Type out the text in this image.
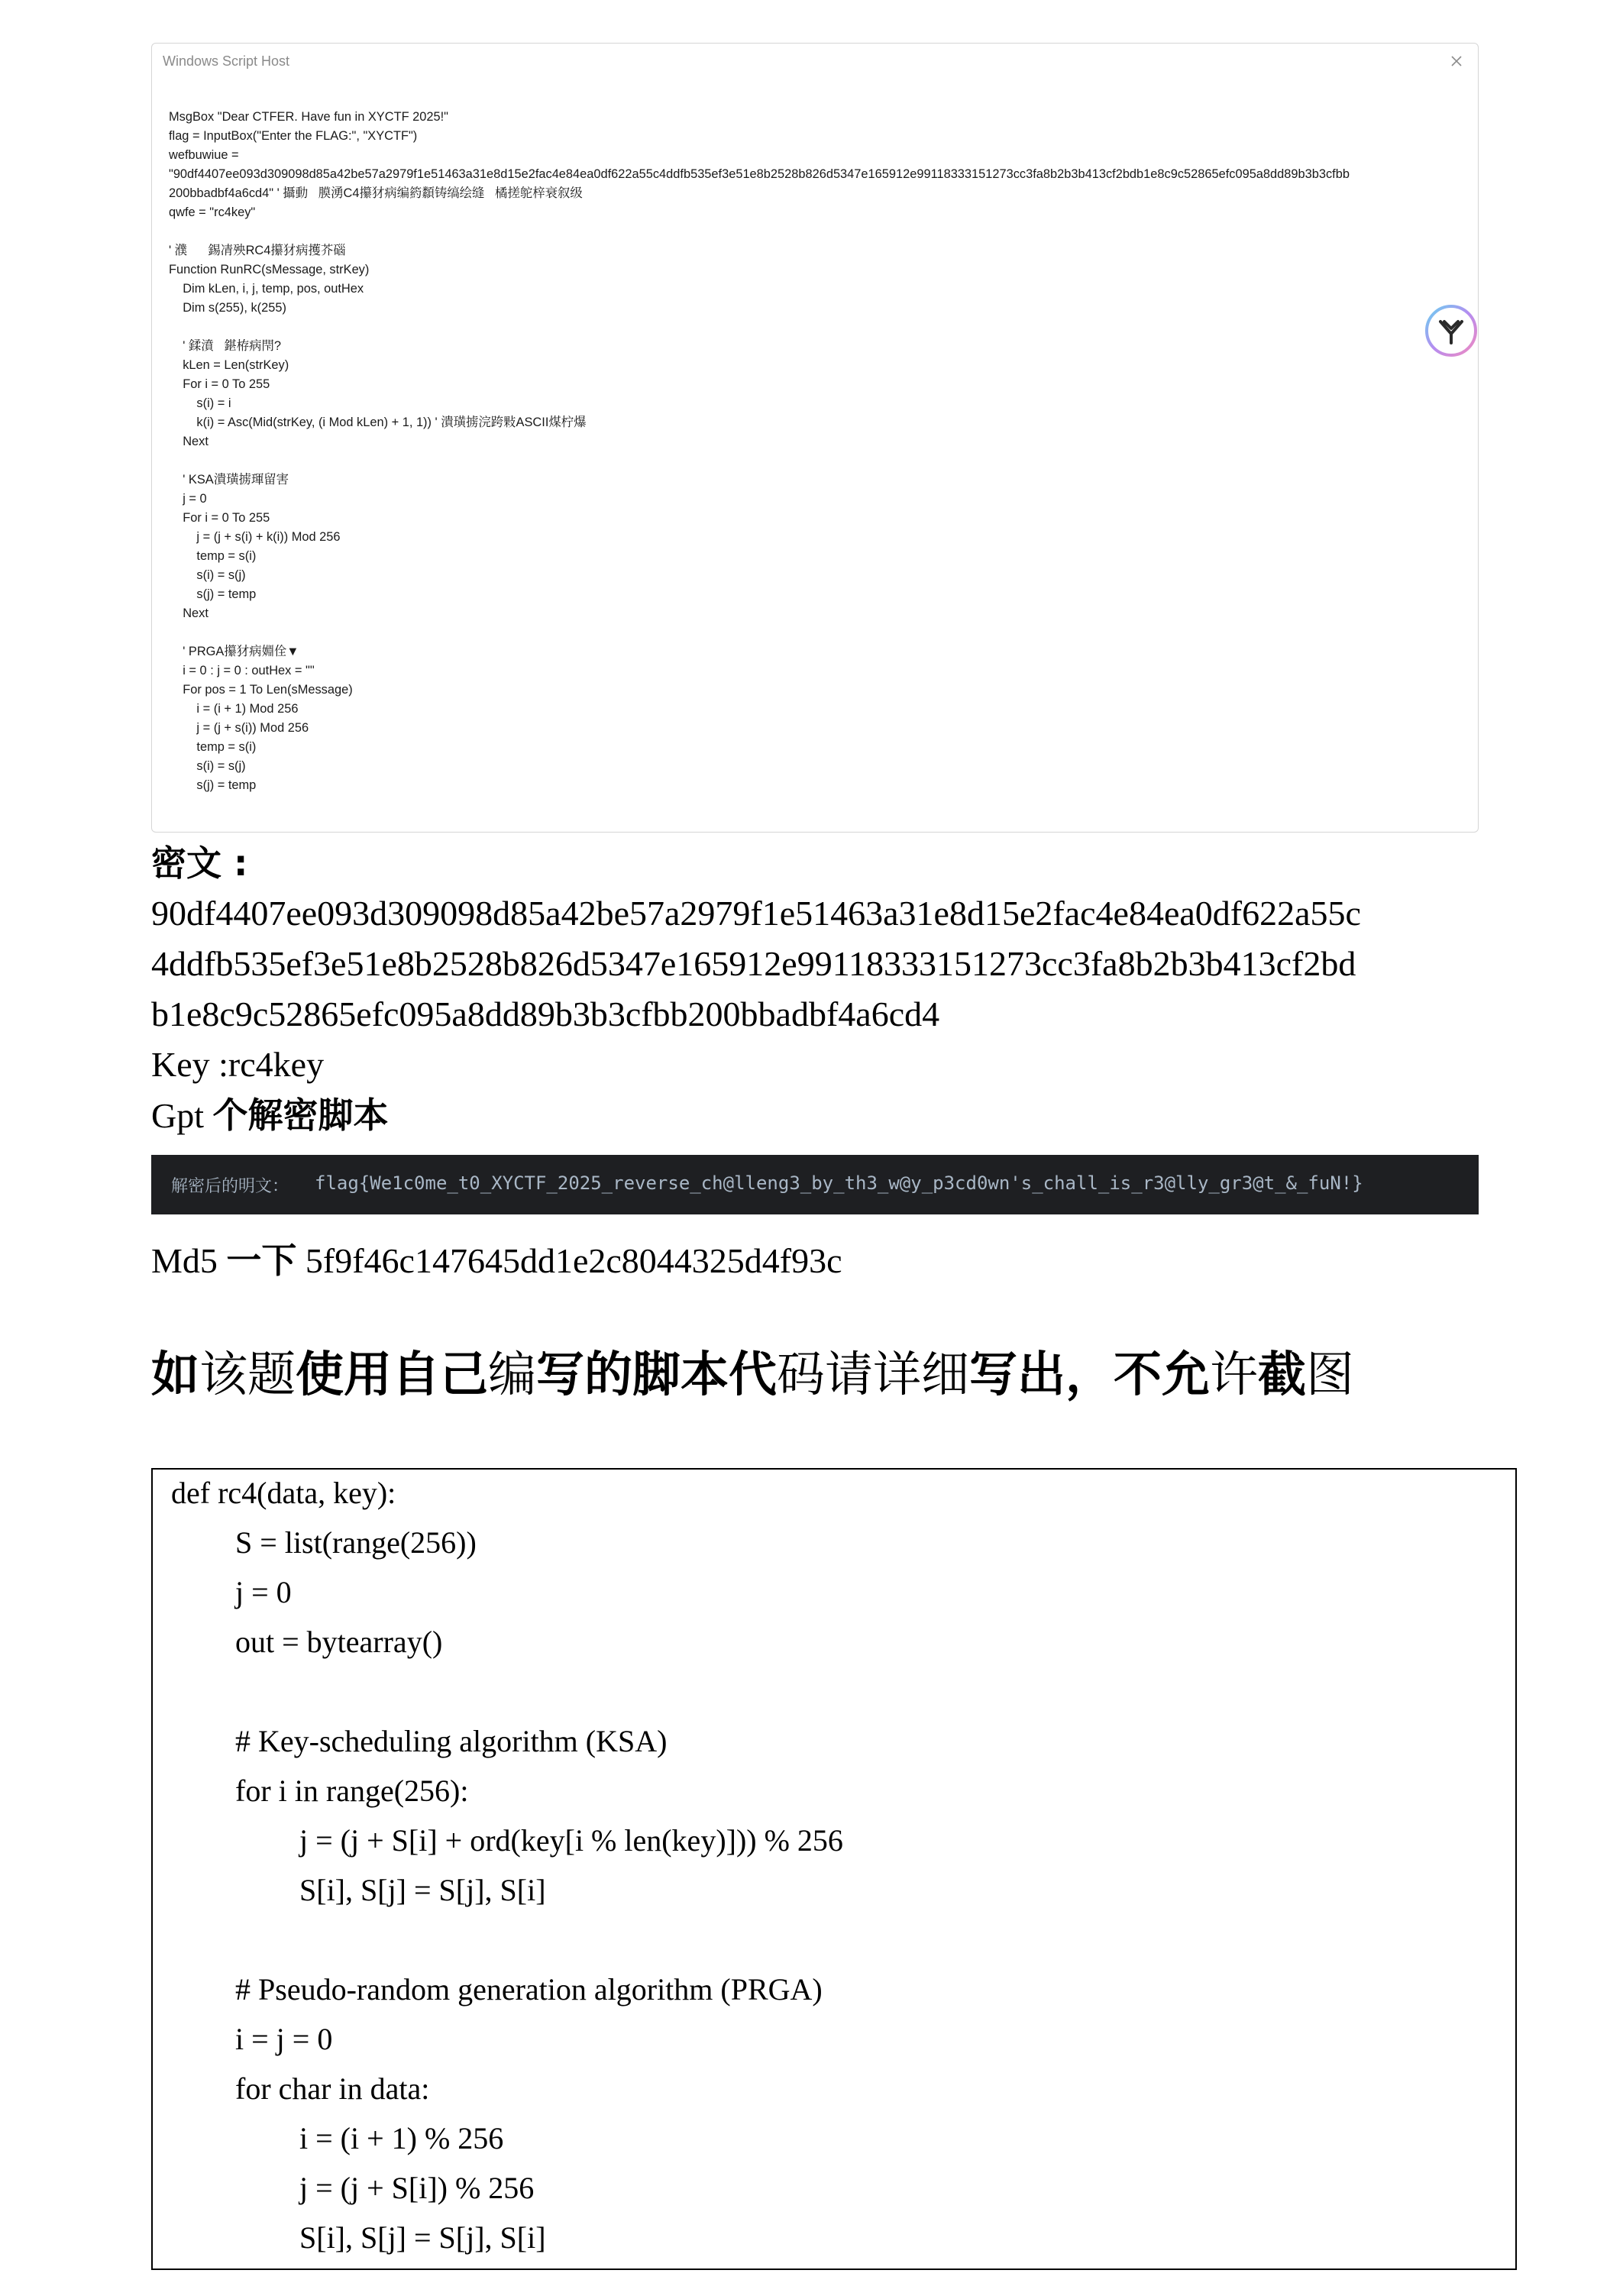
Windows Script Host
MsgBox "Dear CTFER. Have fun in XYCTF 2025!"
flag = InputBox("Enter the FLAG:", "XYCTF")
wefbuwiue =
"90df4407ee093d309098d85a42be57a2979f1e51463a31e8d15e2fac4e84ea0df622a55c4ddfb535ef3e51e8b2528b826d5347e165912e99118333151273cc3fa8b2b3b413cf2bdb1e8c9c52865efc095a8dd89b3b3cfbb
200bbadbf4a6cd4" ' 攝動   膜湧C4攥犲病编箹纇铸缟绘缝   橘搓鸵梓衰叙级
qwfe = "rc4key"

' 濮      錫凊殃RC4攥犲病擭芥碯
Function RunRC(sMessage, strKey)
Dim kLen, i, j, temp, pos, outHex
Dim s(255), k(255)

' 鍒濆   鍖栫病閇?
kLen = Len(strKey)
For i = 0 To 255
s(i) = i
k(i) = Asc(Mid(strKey, (i Mod kLen) + 1, 1)) ' 潰璜掳浣跨敤ASCII煤柠爆
Next

' KSA潰璜掳琿留害
j = 0
For i = 0 To 255
j = (j + s(i) + k(i)) Mod 256
temp = s(i)
s(i) = s(j)
s(j) = temp
Next

' PRGA攥犲病婣佺▼
i = 0 : j = 0 : outHex = ""
For pos = 1 To Len(sMessage)
i = (i + 1) Mod 256
j = (j + s(i)) Mod 256
temp = s(i)
s(i) = s(j)
s(j) = temp
密文 :
90df4407ee093d309098d85a42be57a2979f1e51463a31e8d15e2fac4e84ea0df622a55c
4ddfb535ef3e51e8b2528b826d5347e165912e99118333151273cc3fa8b2b3b413cf2bd
b1e8c9c52865efc095a8dd89b3b3cfbb200bbadbf4a6cd4
Key :rc4key
Gpt 个解密脚本
解密后的明文： flag{We1c0me_t0_XYCTF_2025_reverse_ch@lleng3_by_th3_w@y_p3cd0wn's_chall_is_r3@lly_gr3@t_&_fuN!}
Md5 一下 5f9f46c147645dd1e2c8044325d4f93c
如该题使用自己编写的脚本代码请详细写出，不允许截图
def rc4(data, key):
S = list(range(256))
j = 0
out = bytearray()

# Key-scheduling algorithm (KSA)
for i in range(256):
j = (j + S[i] + ord(key[i % len(key)])) % 256
S[i], S[j] = S[j], S[i]

# Pseudo-random generation algorithm (PRGA)
i = j = 0
for char in data:
i = (i + 1) % 256
j = (j + S[i]) % 256
S[i], S[j] = S[j], S[i]
